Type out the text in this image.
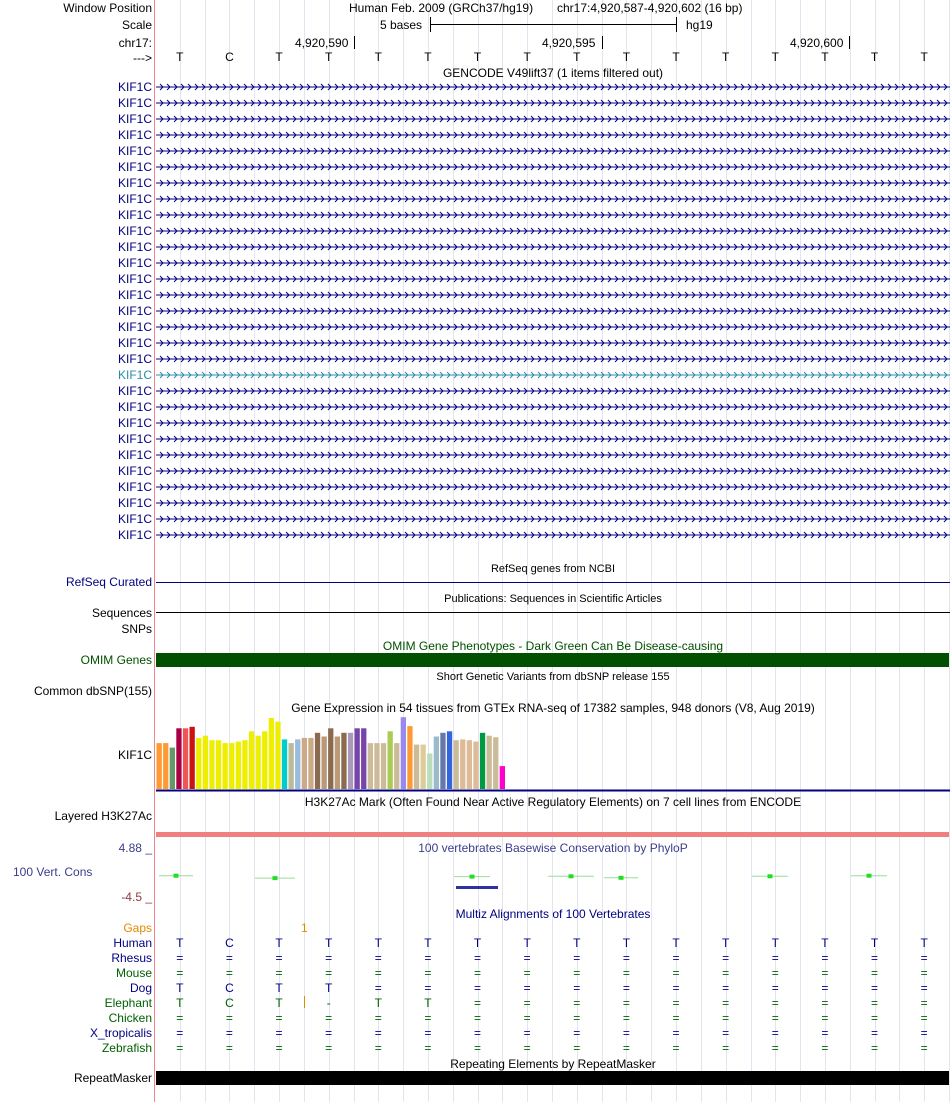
Window Position	Human Feb. 2009 (GRCh37/hg19) chr17:4,920,587-4,920,602 (16 bp)
Scale	5 bases	hg19
chr17:	4,920,590	4,920,595	4,920,600
--->	T	C	T	T	T	T	T	T	T	T	T	T	T	T	T	T
GENCODE V49lift37 (1 items filtered out)
KIF1C
KIF1C
KIF1C
KIF1C
KIF1C
KIF1C
KIF1C
KIF1C
KIF1C
KIF1C
KIF1C
KIF1C
KIF1C
KIF1C
KIF1C
KIF1C
KIF1C
KIF1C
KIF1C
KIF1C
KIF1C
KIF1C
KIF1C
KIF1C
KIF1C
KIF1C
KIF1C
KIF1C
KIF1C
RefSeq genes from NCBI
RefSeq Curated
Publications: Sequences in Scientific Articles
Sequences
SNPs
OMIM Gene Phenotypes - Dark Green Can Be Disease-causing
OMIM Genes
Short Genetic Variants from dbSNP release 155
Common dbSNP(155)
Gene Expression in 54 tissues from GTEx RNA-seq of 17382 samples, 948 donors (V8, Aug 2019)
KIF1C
H3K27Ac Mark (Often Found Near Active Regulatory Elements) on 7 cell lines from ENCODE
Layered H3K27Ac
100 vertebrates Basewise Conservation by PhyloP
4.88 _
100 Vert. Cons
-4.5 _
Multiz Alignments of 100 Vertebrates
Gaps	1
Human	T	C	T	T	T	T	T	T	T	T	T	T	T	T	T	T
Rhesus	=	=	=	=	=	=	=	=	=	=	=	=	=	=	=	=
Mouse	=	=	=	=	=	=	=	=	=	=	=	=	=	=	=	=
Dog	T	C	T	T	=	=	=	=	=	=	=	=	=	=	=	=
Elephant	T	C	T	-	T	T	=	=	=	=	=	=	=	=	=	=
Chicken	=	=	=	=	=	=	=	=	=	=	=	=	=	=	=	=
X_tropicalis	=	=	=	=	=	=	=	=	=	=	=	=	=	=	=	=
Zebrafish	=	=	=	=	=	=	=	=	=	=	=	=	=	=	=	=
Repeating Elements by RepeatMasker
RepeatMasker
